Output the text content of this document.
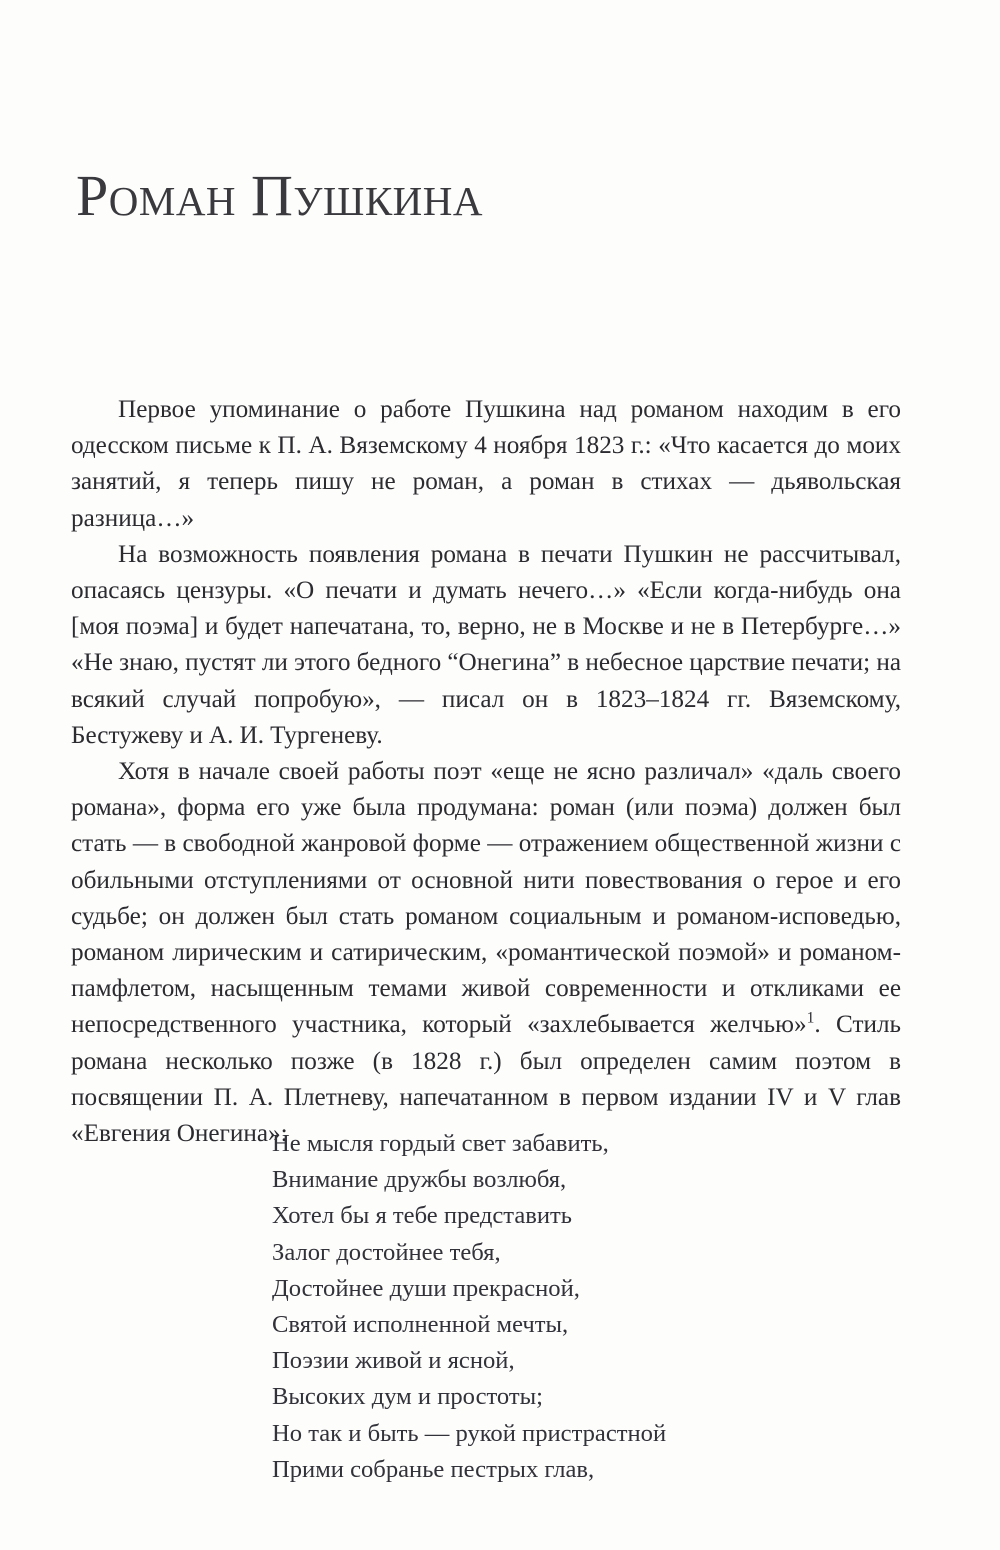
Роман Пушкина

Первое упоминание о работе Пушкина над романом находим в его одесском письме к П. А. Вяземскому 4 ноября 1823 г.: «Что касается до моих занятий, я теперь пишу не роман, а роман в стихах — дьявольская разница…»

На возможность появления романа в печати Пушкин не рассчитывал, опасаясь цензуры. «О печати и думать нечего…» «Если когда-нибудь она [моя поэма] и будет напечатана, то, верно, не в Москве и не в Петербурге…» «Не знаю, пустят ли этого бедного “Онегина” в небесное царствие печати; на всякий случай попробую», — писал он в 1823–1824 гг. Вяземскому, Бестужеву и А. И. Тургеневу.

Хотя в начале своей работы поэт «еще не ясно различал» «даль своего романа», форма его уже была продумана: роман (или поэма) должен был стать — в свободной жанровой форме — отражением общественной жизни с обильными отступлениями от основной нити повествования о герое и его судьбе; он должен был стать романом социальным и романом-исповедью, романом лирическим и сатирическим, «романтической поэмой» и романом-памфлетом, насыщенным темами живой современности и откликами ее непосредственного участника, который «захлебывается желчью»$^1$. Стиль романа несколько позже (в 1828 г.) был определен самим поэтом в посвящении П. А. Плетневу, напечатанном в первом издании IV и V глав «Евгения Онегина»:

Не мысля гордый свет забавить,

Внимание дружбы возлюбя,

Хотел бы я тебе представить

Залог достойнее тебя,

Достойнее души прекрасной,

Святой исполненной мечты,

Поэзии живой и ясной,

Высоких дум и простоты;

Но так и быть — рукой пристрастной

Прими собранье пестрых глав,
